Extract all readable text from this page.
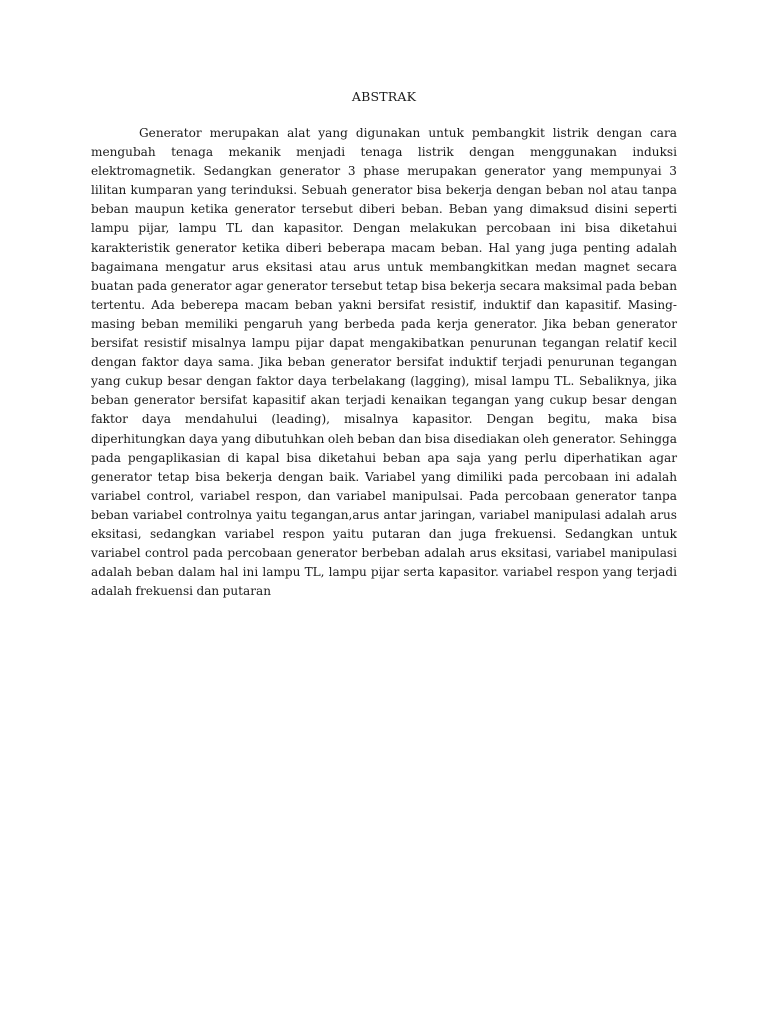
ABSTRAK

Generator merupakan alat yang digunakan untuk pembangkit listrik dengan cara mengubah tenaga mekanik menjadi tenaga listrik dengan menggunakan induksi elektromagnetik. Sedangkan generator 3 phase merupakan generator yang mempunyai 3 lilitan kumparan yang terinduksi. Sebuah generator bisa bekerja dengan beban nol atau tanpa beban maupun ketika generator tersebut diberi beban. Beban yang dimaksud disini seperti lampu pijar, lampu TL dan kapasitor. Dengan melakukan percobaan ini bisa diketahui karakteristik generator ketika diberi beberapa macam beban. Hal yang juga penting adalah bagaimana mengatur arus eksitasi atau arus untuk membangkitkan medan magnet secara buatan pada generator agar generator tersebut tetap bisa bekerja secara maksimal pada beban tertentu. Ada beberepa macam beban yakni bersifat resistif, induktif dan kapasitif. Masing-masing beban memiliki pengaruh yang berbeda pada kerja generator. Jika beban generator bersifat resistif misalnya lampu pijar dapat mengakibatkan penurunan tegangan relatif kecil dengan faktor daya sama. Jika beban generator bersifat induktif terjadi penurunan tegangan yang cukup besar dengan faktor daya terbelakang (lagging), misal lampu TL. Sebaliknya, jika beban generator bersifat kapasitif akan terjadi kenaikan tegangan yang cukup besar dengan faktor daya mendahului (leading), misalnya kapasitor. Dengan begitu, maka bisa diperhitungkan daya yang dibutuhkan oleh beban dan bisa disediakan oleh generator. Sehingga pada pengaplikasian di kapal bisa diketahui beban apa saja yang perlu diperhatikan agar generator tetap bisa bekerja dengan baik. Variabel yang dimiliki pada percobaan ini adalah variabel control, variabel respon, dan variabel manipulsai. Pada percobaan generator tanpa beban variabel controlnya yaitu tegangan,arus antar jaringan, variabel manipulasi adalah arus eksitasi, sedangkan variabel respon yaitu putaran dan juga frekuensi. Sedangkan untuk variabel control pada percobaan generator berbeban adalah arus eksitasi, variabel manipulasi adalah beban dalam hal ini lampu TL, lampu pijar serta kapasitor. variabel respon yang terjadi adalah frekuensi dan putaran
